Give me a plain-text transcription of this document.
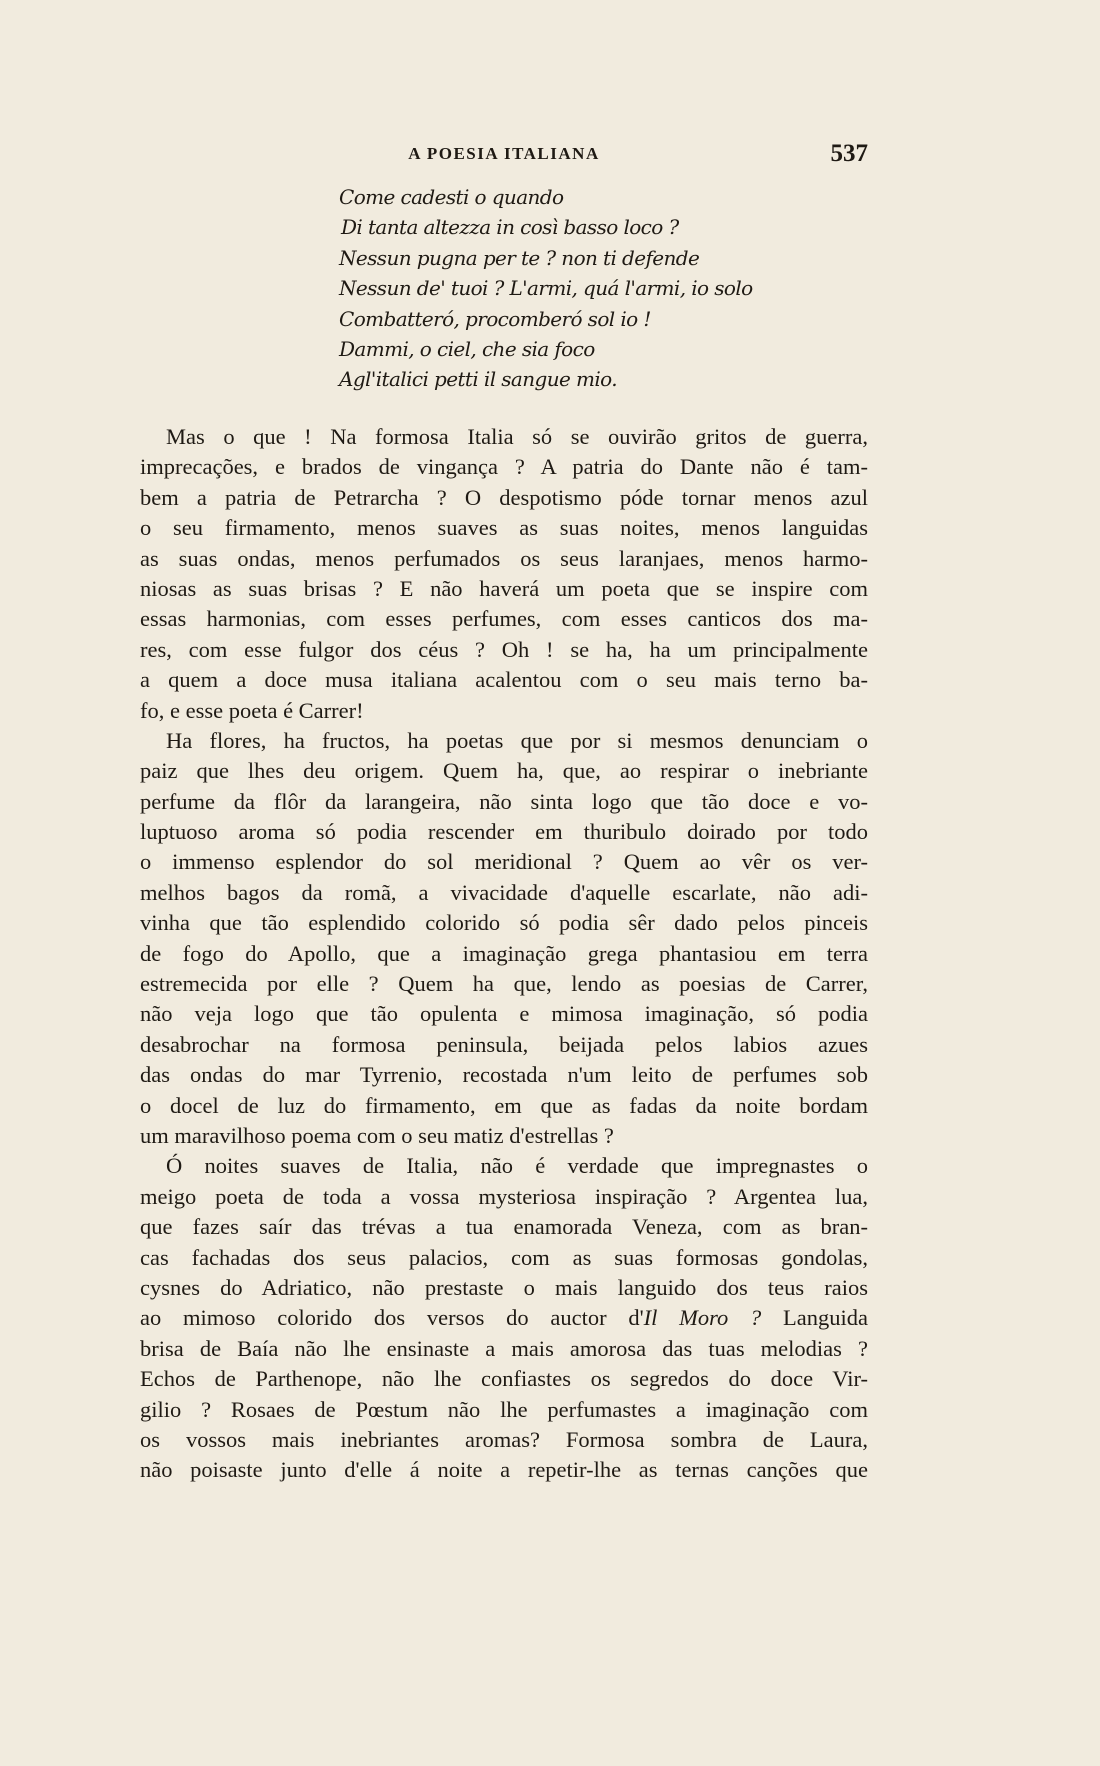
A POESIA ITALIANA	537
Come cadesti o quando
Di tanta altezza in così basso loco ?
Nessun pugna per te ? non ti defende
Nessun de' tuoi ? L'armi, quá l'armi, io solo
Combatteró, procomberó sol io !
Dammi, o ciel, che sia foco
Agl'italici petti il sangue mio.
Mas o que ! Na formosa Italia só se ouvirão gritos de guerra,
imprecações, e brados de vingança ? A patria do Dante não é tam-
bem a patria de Petrarcha ? O despotismo póde tornar menos azul
o seu firmamento, menos suaves as suas noites, menos languidas
as suas ondas, menos perfumados os seus laranjaes, menos harmo-
niosas as suas brisas ? E não haverá um poeta que se inspire com
essas harmonias, com esses perfumes, com esses canticos dos ma-
res, com esse fulgor dos céus ? Oh ! se ha, ha um principalmente
a quem a doce musa italiana acalentou com o seu mais terno ba-
fo, e esse poeta é Carrer!
Ha flores, ha fructos, ha poetas que por si mesmos denunciam o
paiz que lhes deu origem. Quem ha, que, ao respirar o inebriante
perfume da flôr da larangeira, não sinta logo que tão doce e vo-
luptuoso aroma só podia rescender em thuribulo doirado por todo
o immenso esplendor do sol meridional ? Quem ao vêr os ver-
melhos bagos da romã, a vivacidade d'aquelle escarlate, não adi-
vinha que tão esplendido colorido só podia sêr dado pelos pinceis
de fogo do Apollo, que a imaginação grega phantasiou em terra
estremecida por elle ? Quem ha que, lendo as poesias de Carrer,
não veja logo que tão opulenta e mimosa imaginação, só podia
desabrochar na formosa peninsula, beijada pelos labios azues
das ondas do mar Tyrrenio, recostada n'um leito de perfumes sob
o docel de luz do firmamento, em que as fadas da noite bordam
um maravilhoso poema com o seu matiz d'estrellas ?
Ó noites suaves de Italia, não é verdade que impregnastes o
meigo poeta de toda a vossa mysteriosa inspiração ? Argentea lua,
que fazes saír das trévas a tua enamorada Veneza, com as bran-
cas fachadas dos seus palacios, com as suas formosas gondolas,
cysnes do Adriatico, não prestaste o mais languido dos teus raios
ao mimoso colorido dos versos do auctor d'Il Moro ? Languida
brisa de Baía não lhe ensinaste a mais amorosa das tuas melodias ?
Echos de Parthenope, não lhe confiastes os segredos do doce Vir-
gilio ? Rosaes de Pœstum não lhe perfumastes a imaginação com
os vossos mais inebriantes aromas? Formosa sombra de Laura,
não poisaste junto d'elle á noite a repetir-lhe as ternas canções que
